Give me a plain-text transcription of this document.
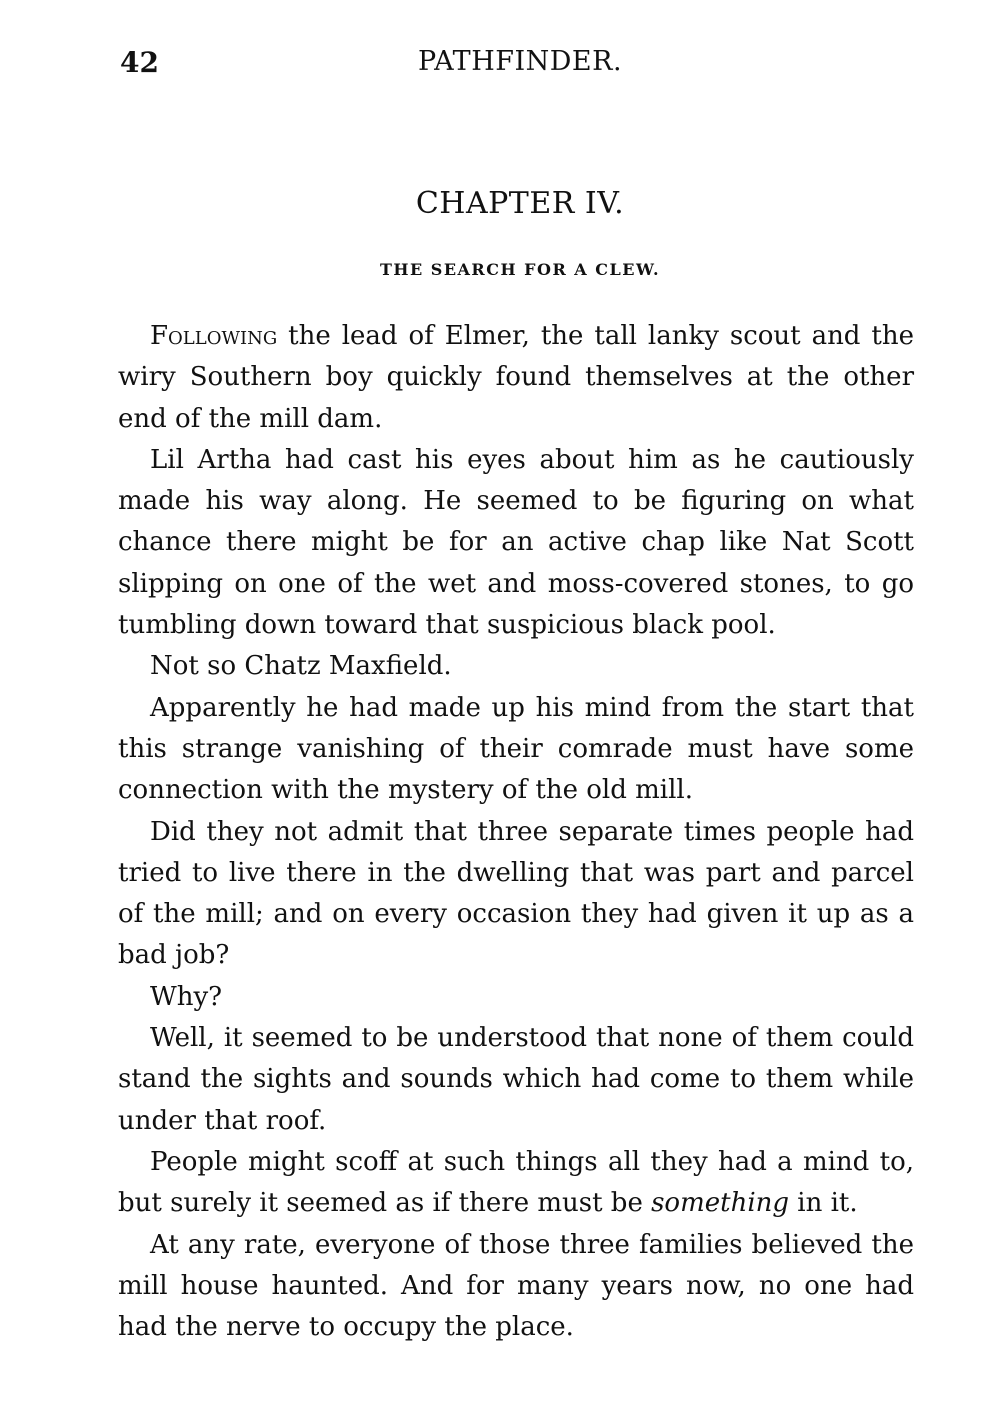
42	PATHFINDER.
CHAPTER IV.
THE SEARCH FOR A CLEW.

Following the lead of Elmer, the tall lanky scout and the wiry Southern boy quickly found themselves at the other end of the mill dam.

Lil Artha had cast his eyes about him as he cautiously made his way along. He seemed to be figuring on what chance there might be for an active chap like Nat Scott slipping on one of the wet and moss-covered stones, to go tumbling down toward that suspicious black pool.

Not so Chatz Maxfield.

Apparently he had made up his mind from the start that this strange vanishing of their comrade must have some connection with the mystery of the old mill.

Did they not admit that three separate times people had tried to live there in the dwelling that was part and parcel of the mill; and on every occasion they had given it up as a bad job?

Why?

Well, it seemed to be understood that none of them could stand the sights and sounds which had come to them while under that roof.

People might scoff at such things all they had a mind to, but surely it seemed as if there must be something in it.

At any rate, everyone of those three families believed the mill house haunted. And for many years now, no one had had the nerve to occupy the place.
